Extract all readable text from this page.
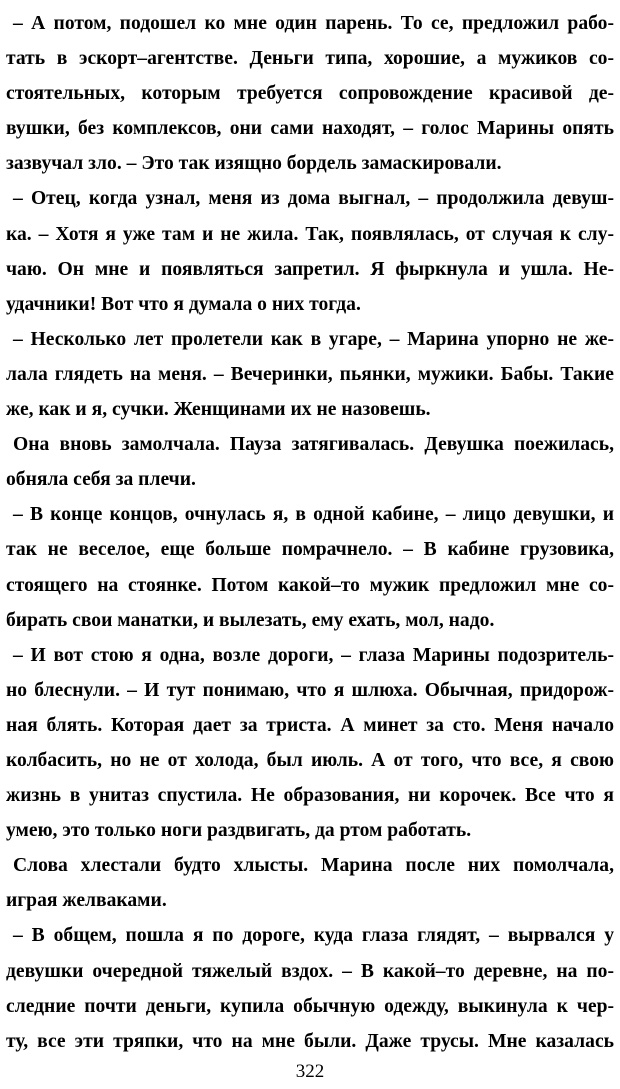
– А потом, подошел ко мне один парень. То се, предложил рабо-
тать в эскорт–агентстве. Деньги типа, хорошие, а мужиков со-
стоятельных, которым требуется сопровождение красивой де-
вушки, без комплексов, они сами находят, – голос Марины опять
зазвучал зло. – Это так изящно бордель замаскировали.

– Отец, когда узнал, меня из дома выгнал, – продолжила девуш-
ка. – Хотя я уже там и не жила. Так, появлялась, от случая к слу-
чаю. Он мне и появляться запретил. Я фыркнула и ушла. Не-
удачники! Вот что я думала о них тогда.

– Несколько лет пролетели как в угаре, – Марина упорно не же-
лала глядеть на меня. – Вечеринки, пьянки, мужики. Бабы. Такие
же, как и я, сучки. Женщинами их не назовешь.

Она вновь замолчала. Пауза затягивалась. Девушка поежилась,
обняла себя за плечи.

– В конце концов, очнулась я, в одной кабине, – лицо девушки, и
так не веселое, еще больше помрачнело. – В кабине грузовика,
стоящего на стоянке. Потом какой–то мужик предложил мне со-
бирать свои манатки, и вылезать, ему ехать, мол, надо.

– И вот стою я одна, возле дороги, – глаза Марины подозритель-
но блеснули. – И тут понимаю, что я шлюха. Обычная, придорож-
ная блять. Которая дает за триста. А минет за сто. Меня начало
колбасить, но не от холода, был июль. А от того, что все, я свою
жизнь в унитаз спустила. Не образования, ни корочек. Все что я
умею, это только ноги раздвигать, да ртом работать.

Слова хлестали будто хлысты. Марина после них помолчала,
играя желваками.

– В общем, пошла я по дороге, куда глаза глядят, – вырвался у
девушки очередной тяжелый вздох. – В какой–то деревне, на по-
следние почти деньги, купила обычную одежду, выкинула к чер-
ту, все эти тряпки, что на мне были. Даже трусы. Мне казалась

322
